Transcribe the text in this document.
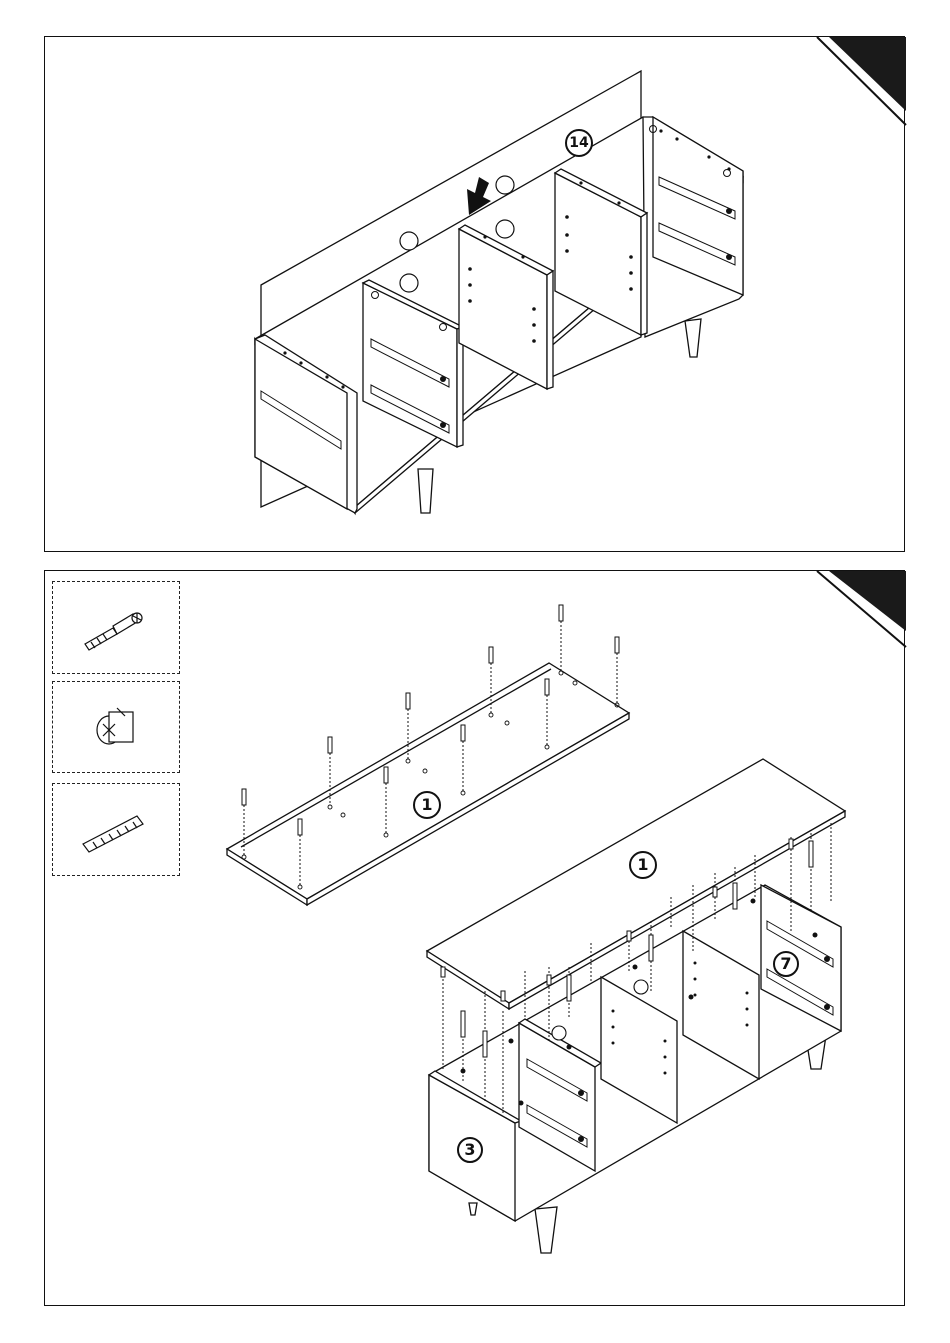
14
1
1
3
7
